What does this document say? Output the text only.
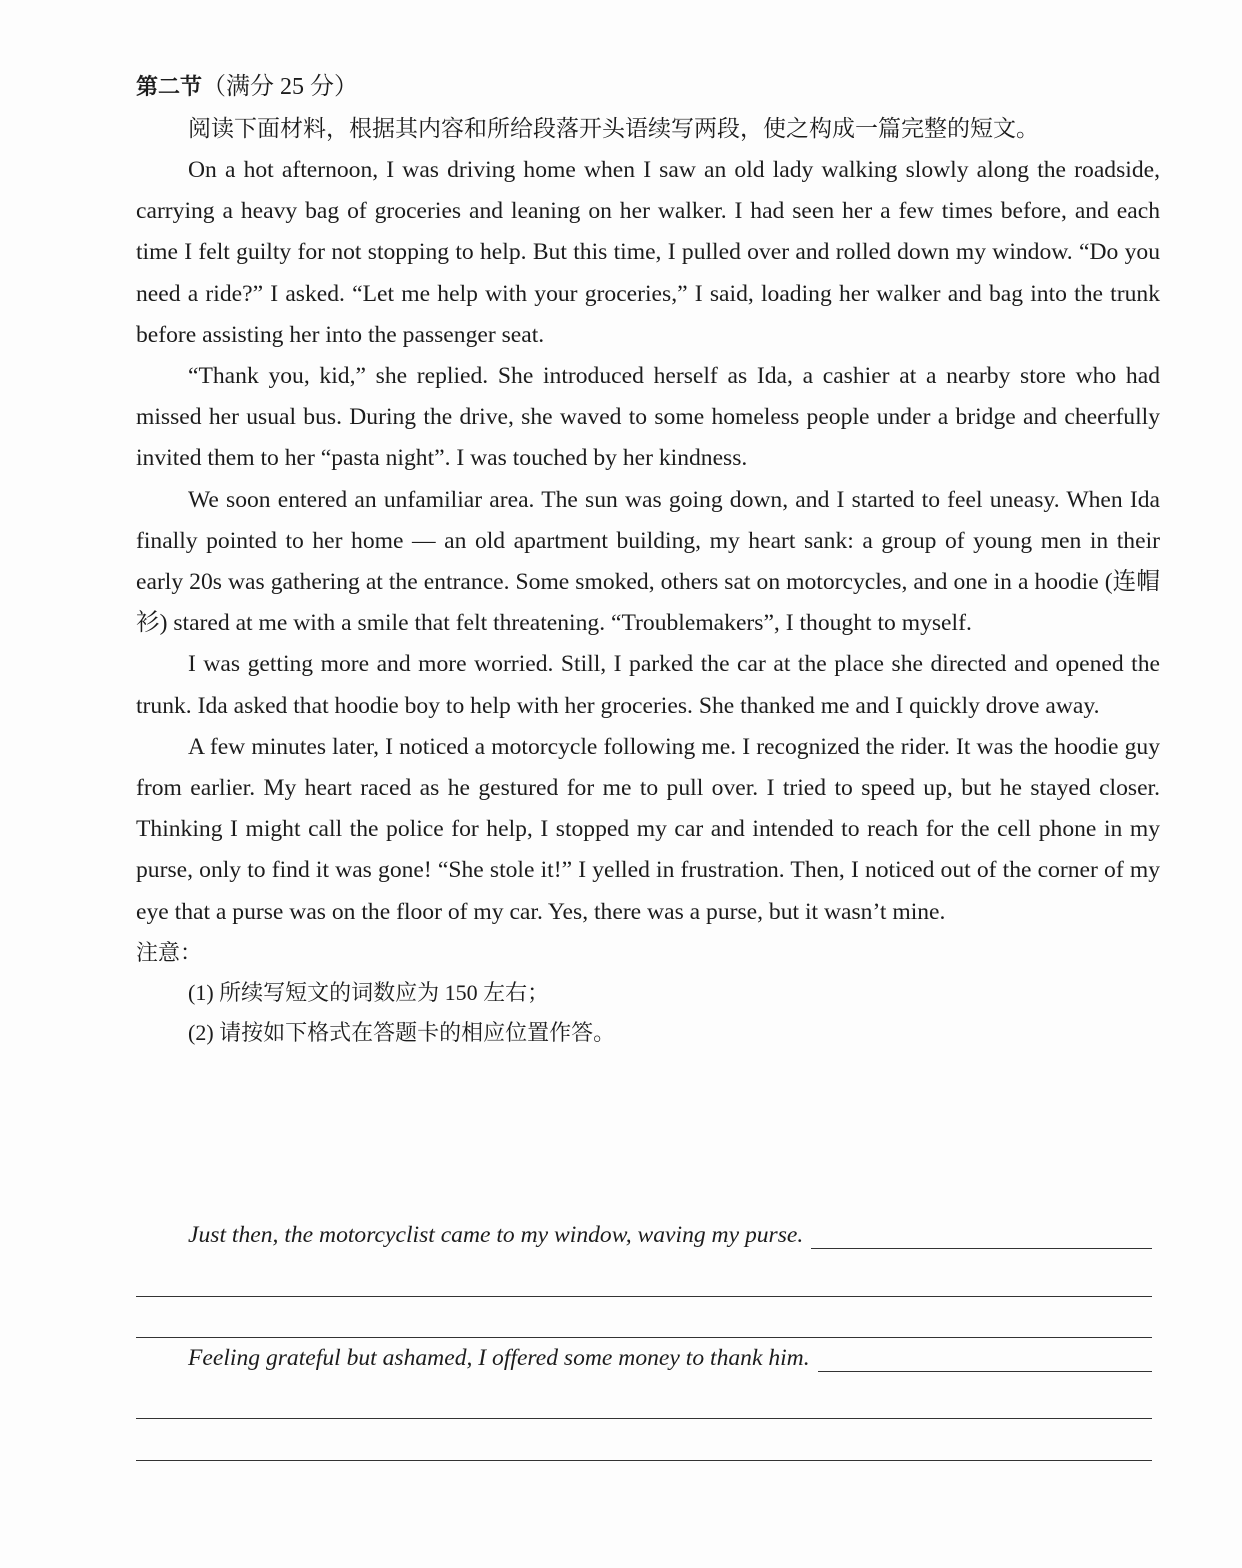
第二节（满分 25 分）
阅读下面材料，根据其内容和所给段落开头语续写两段，使之构成一篇完整的短文。

On a hot afternoon, I was driving home when I saw an old lady walking slowly along the roadside, carrying a heavy bag of groceries and leaning on her walker. I had seen her a few times before, and each time I felt guilty for not stopping to help. But this time, I pulled over and rolled down my window. “Do you need a ride?” I asked. “Let me help with your groceries,” I said, loading her walker and bag into the trunk before assisting her into the passenger seat.

“Thank you, kid,” she replied. She introduced herself as Ida, a cashier at a nearby store who had missed her usual bus. During the drive, she waved to some homeless people under a bridge and cheerfully invited them to her “pasta night”. I was touched by her kindness.

We soon entered an unfamiliar area. The sun was going down, and I started to feel uneasy. When Ida finally pointed to her home — an old apartment building, my heart sank: a group of young men in their early 20s was gathering at the entrance. Some smoked, others sat on motorcycles, and one in a hoodie (连帽衫) stared at me with a smile that felt threatening. “Troublemakers”, I thought to myself.

I was getting more and more worried. Still, I parked the car at the place she directed and opened the trunk. Ida asked that hoodie boy to help with her groceries. She thanked me and I quickly drove away.

A few minutes later, I noticed a motorcycle following me. I recognized the rider. It was the hoodie guy from earlier. My heart raced as he gestured for me to pull over. I tried to speed up, but he stayed closer. Thinking I might call the police for help, I stopped my car and intended to reach for the cell phone in my purse, only to find it was gone! “She stole it!” I yelled in frustration. Then, I noticed out of the corner of my eye that a purse was on the floor of my car. Yes, there was a purse, but it wasn’t mine.

注意：
(1) 所续写短文的词数应为 150 左右；
(2) 请按如下格式在答题卡的相应位置作答。
Just then, the motorcyclist came to my window, waving my purse.
Feeling grateful but ashamed, I offered some money to thank him.
